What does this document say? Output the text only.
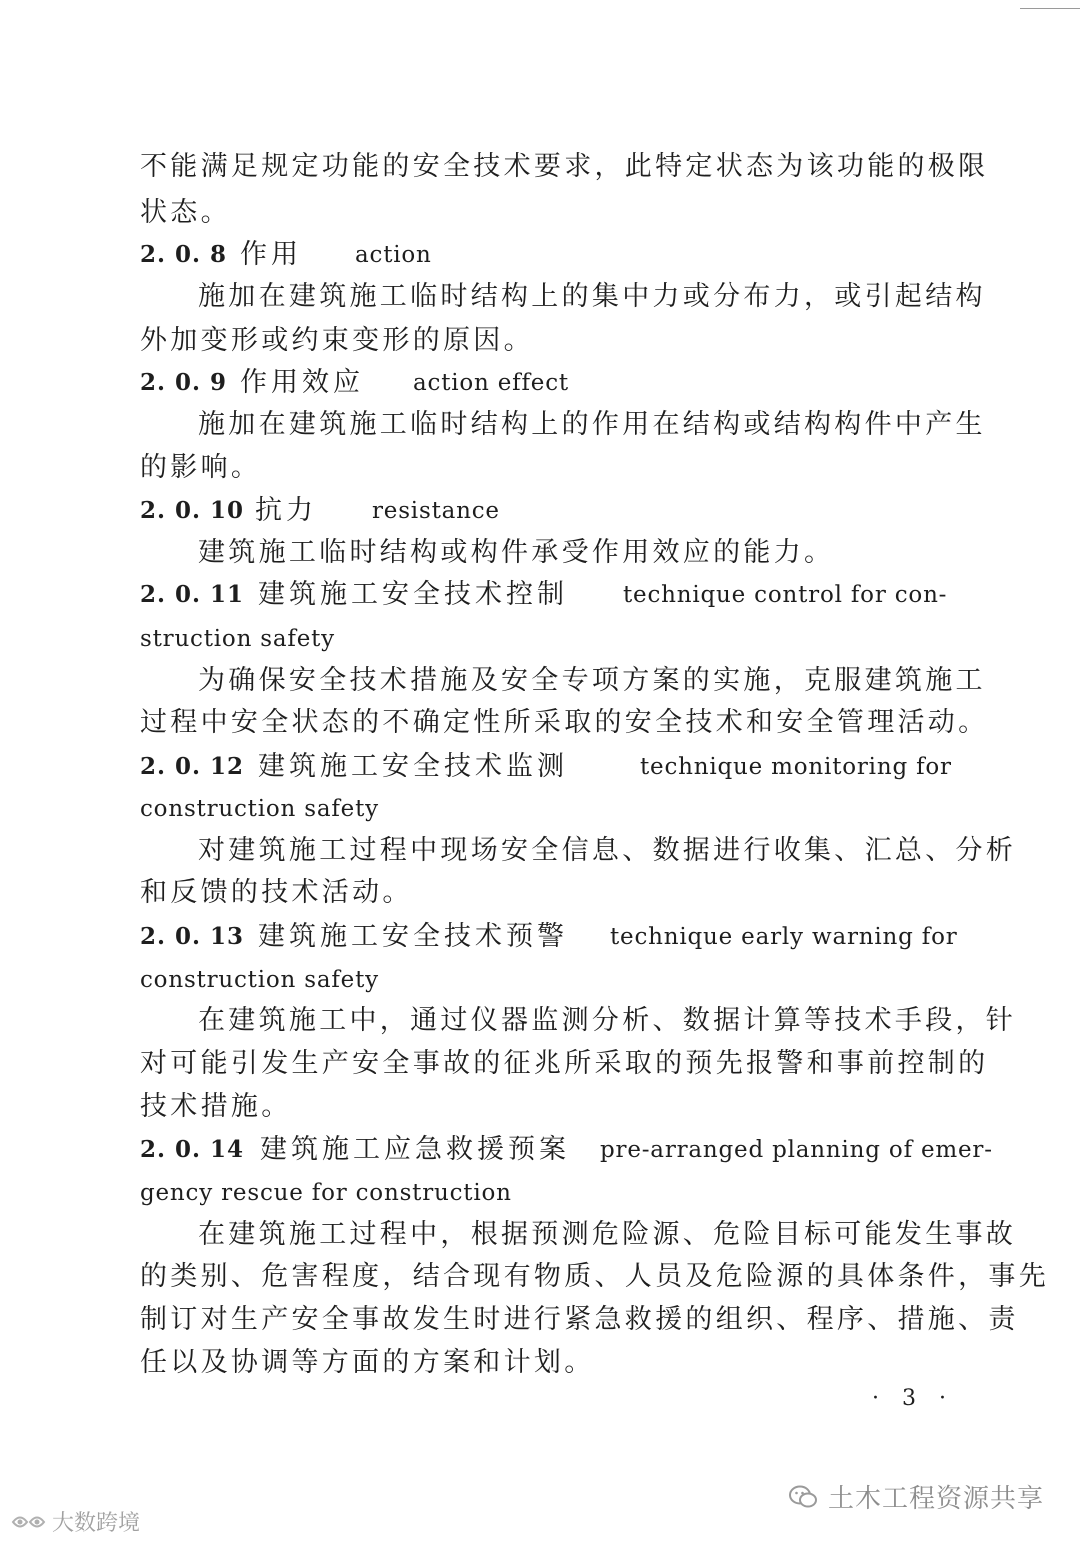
不能满足规定功能的安全技术要求，此特定状态为该功能的极限
状态。
2. 0. 8 作用 action
施加在建筑施工临时结构上的集中力或分布力，或引起结构
外加变形或约束变形的原因。
2. 0. 9 作用效应 action effect
施加在建筑施工临时结构上的作用在结构或结构构件中产生
的影响。
2. 0. 10 抗力 resistance
建筑施工临时结构或构件承受作用效应的能力。
2. 0. 11 建筑施工安全技术控制 technique control for con-
struction safety
为确保安全技术措施及安全专项方案的实施，克服建筑施工
过程中安全状态的不确定性所采取的安全技术和安全管理活动。
2. 0. 12 建筑施工安全技术监测	technique monitoring for
construction safety
对建筑施工过程中现场安全信息、数据进行收集、汇总、分析
和反馈的技术活动。
2. 0. 13 建筑施工安全技术预警 technique early warning for
construction safety
在建筑施工中，通过仪器监测分析、数据计算等技术手段，针
对可能引发生产安全事故的征兆所采取的预先报警和事前控制的
技术措施。
2. 0. 14 建筑施工应急救援预案 pre-arranged planning of emer-
gency rescue for construction
在建筑施工过程中，根据预测危险源、危险目标可能发生事故
的类别、危害程度，结合现有物质、人员及危险源的具体条件，事先
制订对生产安全事故发生时进行紧急救援的组织、程序、措施、责
任以及协调等方面的方案和计划。
· 3 ·
土木工程资源共享
大数跨境
